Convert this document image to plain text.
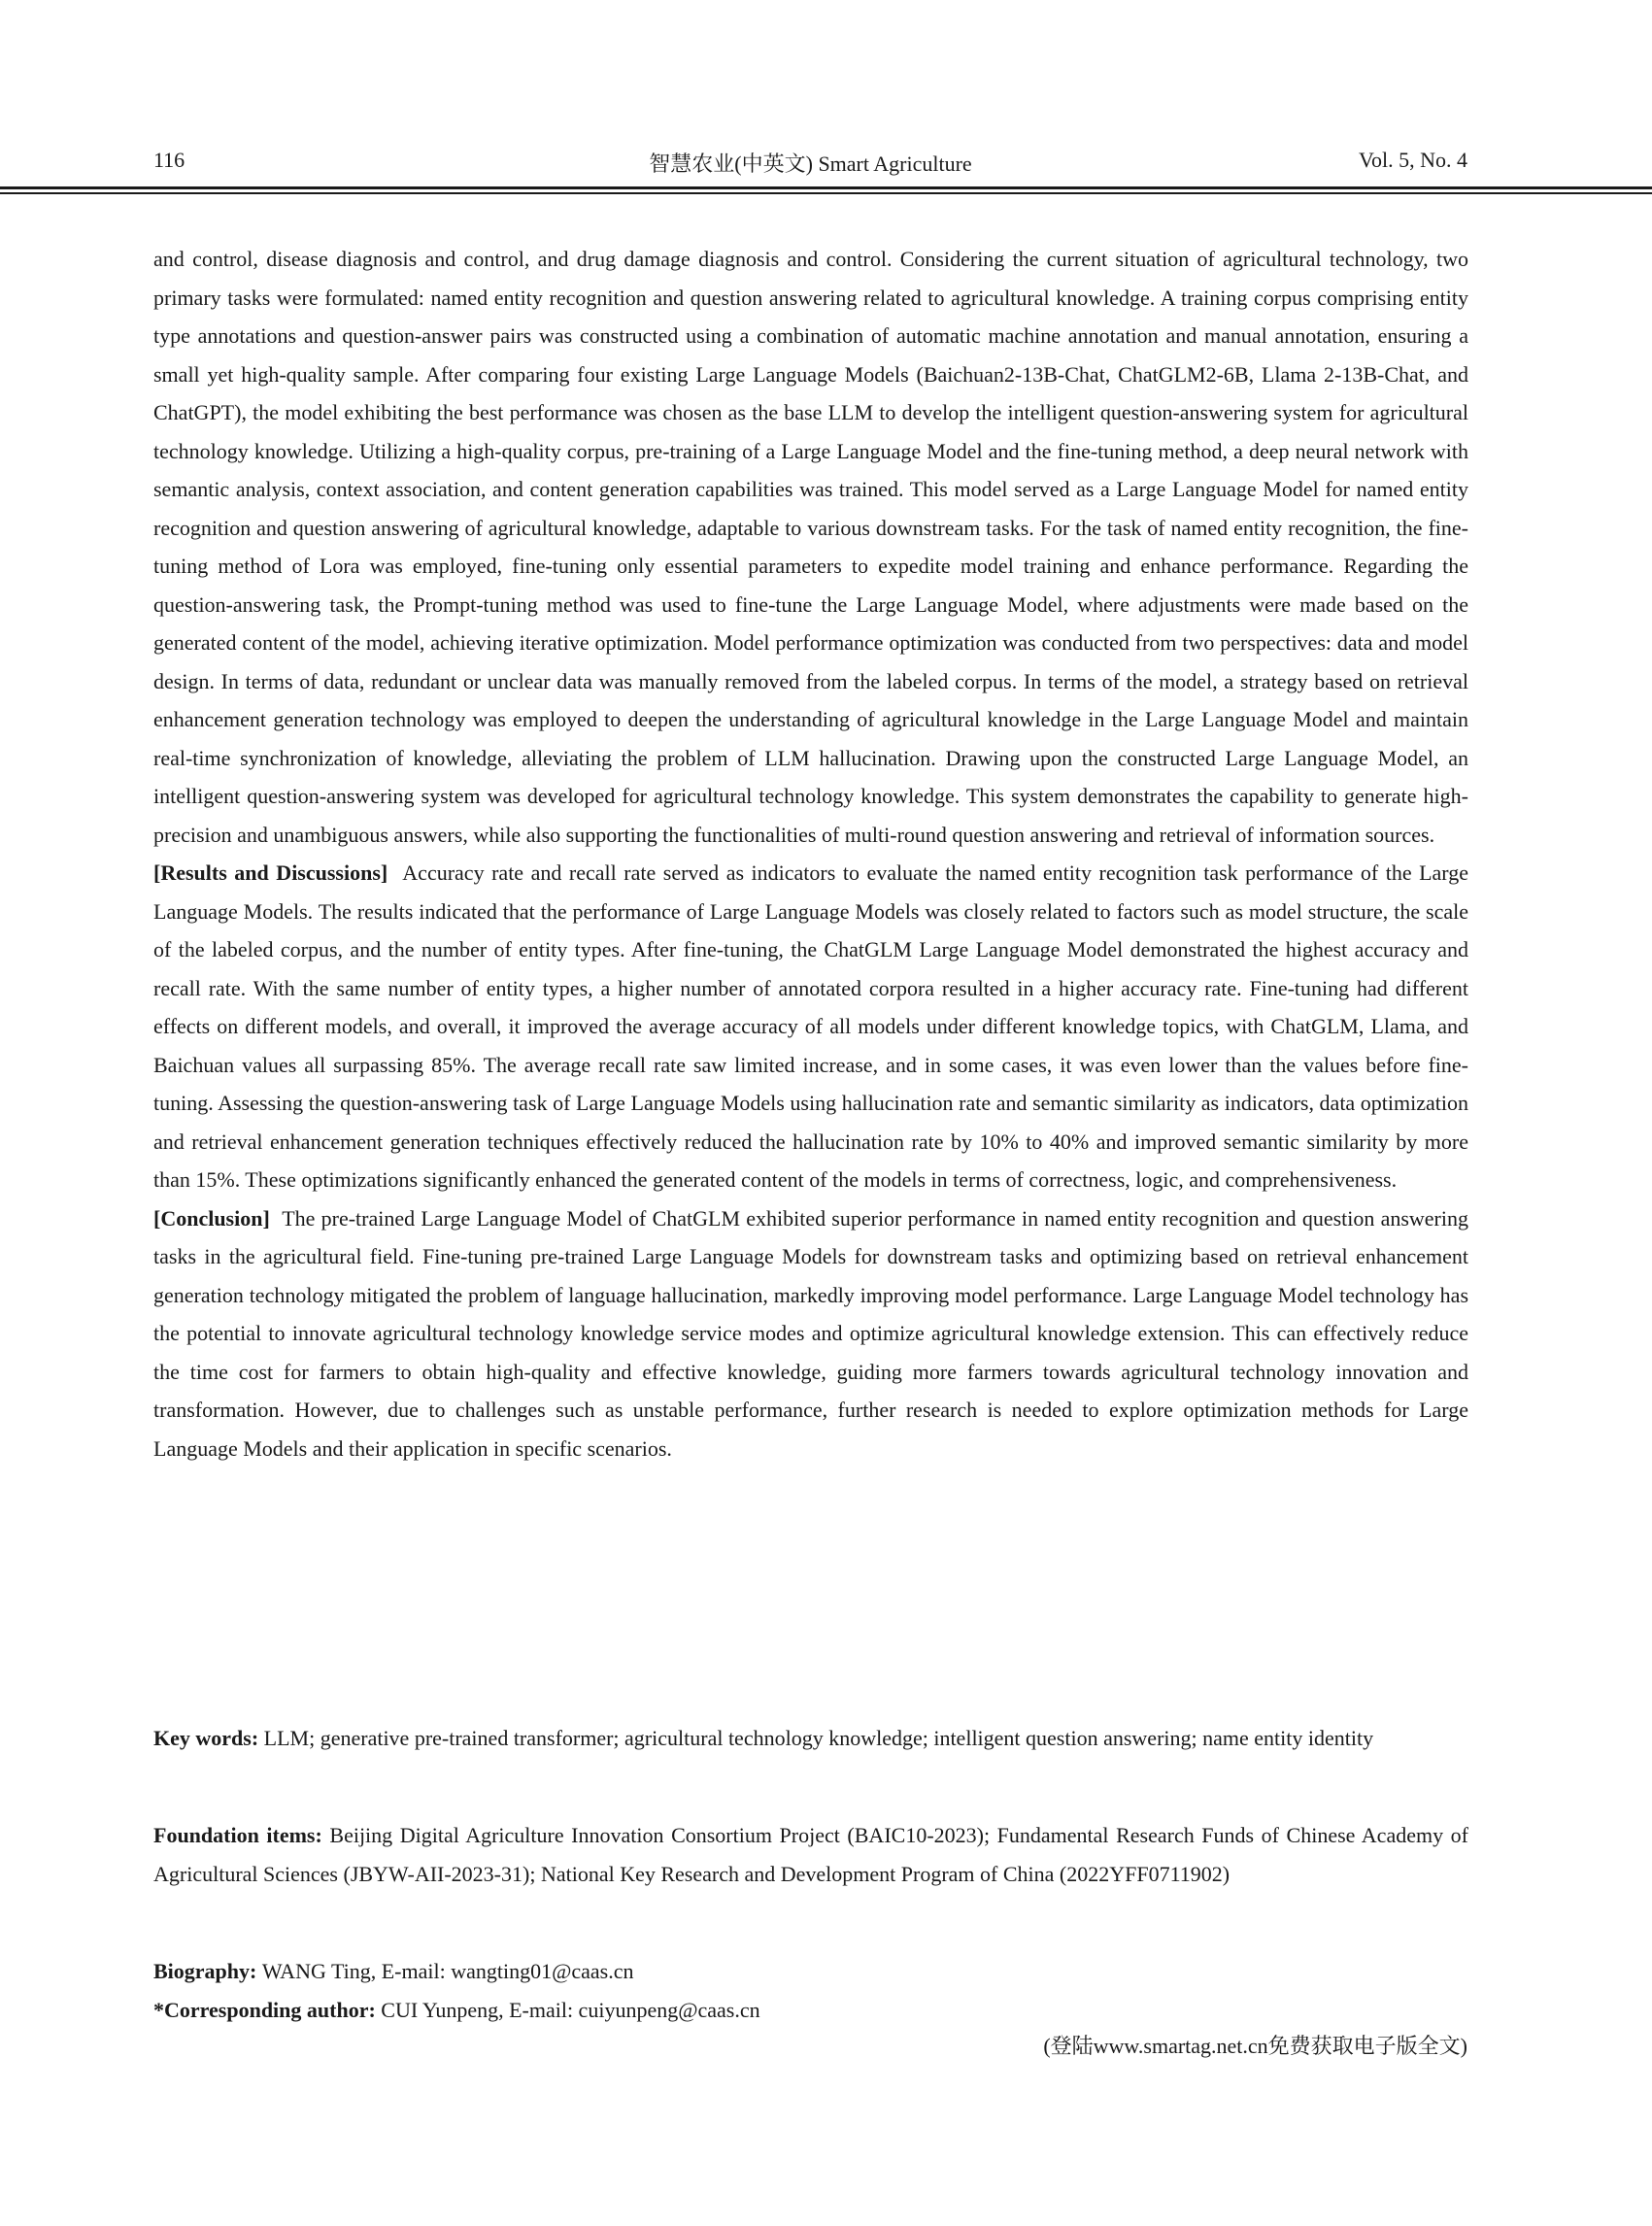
116	智慧农业(中英文) Smart Agriculture	Vol. 5, No. 4

and control, disease diagnosis and control, and drug damage diagnosis and control. Considering the current situation of agricultural technology, two primary tasks were formulated: named entity recognition and question answering related to agricultural knowledge. A training corpus comprising entity type annotations and question-answer pairs was constructed using a combination of automatic machine annotation and manual annotation, ensuring a small yet high-quality sample. After comparing four existing Large Language Models (Baichuan2-13B-Chat, ChatGLM2-6B, Llama 2-13B-Chat, and ChatGPT), the model exhibiting the best performance was chosen as the base LLM to develop the intelligent question-answering system for agricultural technology knowledge. Utilizing a high-quality corpus, pre-training of a Large Language Model and the fine-tuning method, a deep neural network with semantic analysis, context association, and content generation capabilities was trained. This model served as a Large Language Model for named entity recognition and question answering of agricultural knowledge, adaptable to various downstream tasks. For the task of named entity recognition, the fine-tuning method of Lora was employed, fine-tuning only essential parameters to expedite model training and enhance performance. Regarding the question-answering task, the Prompt-tuning method was used to fine-tune the Large Language Model, where adjustments were made based on the generated content of the model, achieving iterative optimization. Model performance optimization was conducted from two perspectives: data and model design. In terms of data, redundant or unclear data was manually removed from the labeled corpus. In terms of the model, a strategy based on retrieval enhancement generation technology was employed to deepen the understanding of agricultural knowledge in the Large Language Model and maintain real-time synchronization of knowledge, alleviating the problem of LLM hallucination. Drawing upon the constructed Large Language Model, an intelligent question-answering system was developed for agricultural technology knowledge. This system demonstrates the capability to generate high-precision and unambiguous answers, while also supporting the functionalities of multi-round question answering and retrieval of information sources.

[Results and Discussions] Accuracy rate and recall rate served as indicators to evaluate the named entity recognition task performance of the Large Language Models. The results indicated that the performance of Large Language Models was closely related to factors such as model structure, the scale of the labeled corpus, and the number of entity types. After fine-tuning, the ChatGLM Large Language Model demonstrated the highest accuracy and recall rate. With the same number of entity types, a higher number of annotated corpora resulted in a higher accuracy rate. Fine-tuning had different effects on different models, and overall, it improved the average accuracy of all models under different knowledge topics, with ChatGLM, Llama, and Baichuan values all surpassing 85%. The average recall rate saw limited increase, and in some cases, it was even lower than the values before fine-tuning. Assessing the question-answering task of Large Language Models using hallucination rate and semantic similarity as indicators, data optimization and retrieval enhancement generation techniques effectively reduced the hallucination rate by 10% to 40% and improved semantic similarity by more than 15%. These optimizations significantly enhanced the generated content of the models in terms of correctness, logic, and comprehensiveness.

[Conclusion] The pre-trained Large Language Model of ChatGLM exhibited superior performance in named entity recognition and question answering tasks in the agricultural field. Fine-tuning pre-trained Large Language Models for downstream tasks and optimizing based on retrieval enhancement generation technology mitigated the problem of language hallucination, markedly improving model performance. Large Language Model technology has the potential to innovate agricultural technology knowledge service modes and optimize agricultural knowledge extension. This can effectively reduce the time cost for farmers to obtain high-quality and effective knowledge, guiding more farmers towards agricultural technology innovation and transformation. However, due to challenges such as unstable performance, further research is needed to explore optimization methods for Large Language Models and their application in specific scenarios.

Key words: LLM; generative pre-trained transformer; agricultural technology knowledge; intelligent question answering; name entity identity
Foundation items: Beijing Digital Agriculture Innovation Consortium Project (BAIC10-2023); Fundamental Research Funds of Chinese Academy of Agricultural Sciences (JBYW-AII-2023-31); National Key Research and Development Program of China (2022YFF0711902)
Biography: WANG Ting, E-mail: wangting01@caas.cn
*Corresponding author: CUI Yunpeng, E-mail: cuiyunpeng@caas.cn
(登陆www.smartag.net.cn免费获取电子版全文)
